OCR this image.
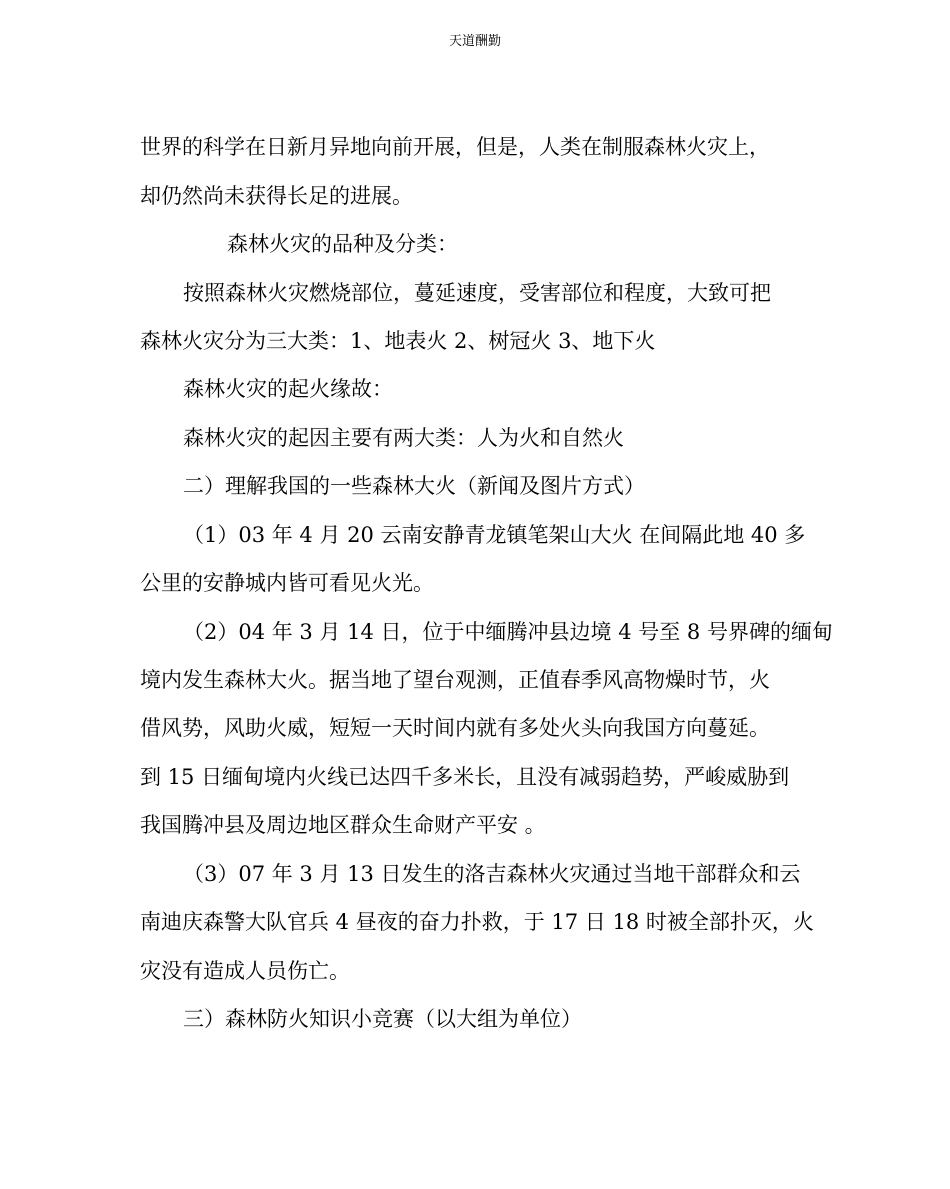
天道酬勤
世界的科学在日新月异地向前开展，但是，人类在制服森林火灾上，
却仍然尚未获得长足的进展。
森林火灾的品种及分类：
按照森林火灾燃烧部位，蔓延速度，受害部位和程度，大致可把
森林火灾分为三大类：1、地表火 2、树冠火 3、地下火
森林火灾的起火缘故：
森林火灾的起因主要有两大类：人为火和自然火
二）理解我国的一些森林大火（新闻及图片方式）
（1）03 年 4 月 20 云南安静青龙镇笔架山大火 在间隔此地 40 多
公里的安静城内皆可看见火光。
（2）04 年 3 月 14 日，位于中缅腾冲县边境 4 号至 8 号界碑的缅甸
境内发生森林大火。据当地了望台观测，正值春季风高物燥时节，火
借风势，风助火威，短短一天时间内就有多处火头向我国方向蔓延。
到 15 日缅甸境内火线已达四千多米长，且没有减弱趋势，严峻威胁到
我国腾冲县及周边地区群众生命财产平安 。
（3）07 年 3 月 13 日发生的洛吉森林火灾通过当地干部群众和云
南迪庆森警大队官兵 4 昼夜的奋力扑救，于 17 日 18 时被全部扑灭，火
灾没有造成人员伤亡。
三）森林防火知识小竞赛（以大组为单位）
